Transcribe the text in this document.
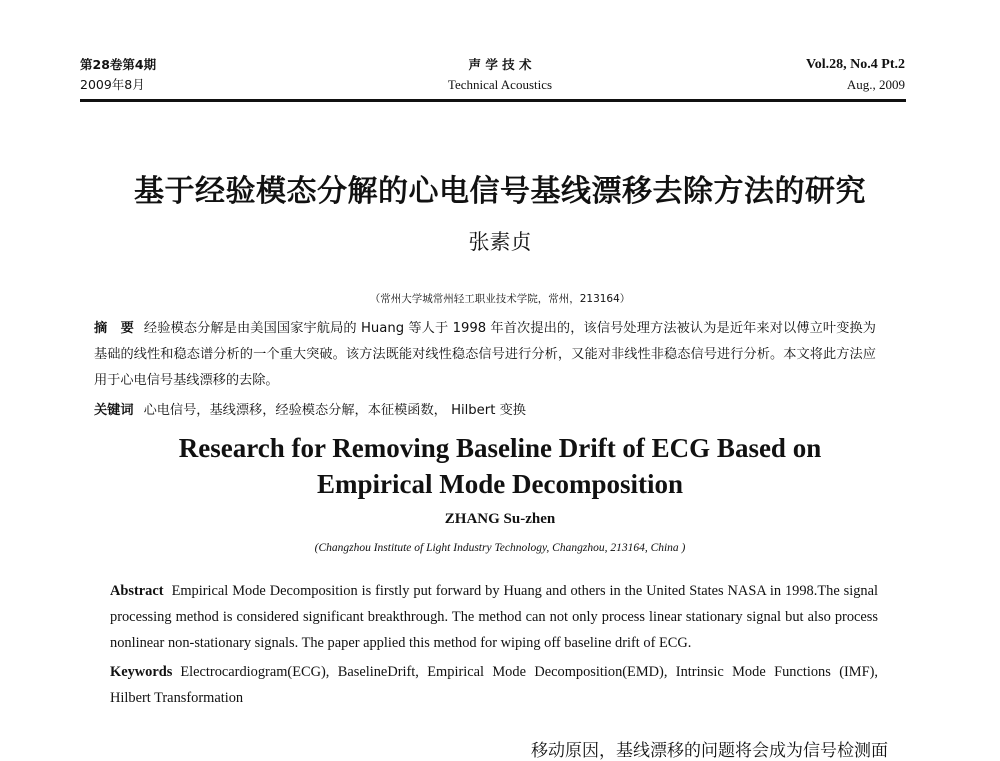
第28卷第4期
2009年8月
声 学 技 术
Technical Acoustics
Vol.28, No.4 Pt.2
Aug., 2009
基于经验模态分解的心电信号基线漂移去除方法的研究
张素贞
（常州大学城常州轻工职业技术学院，常州，213164）
摘　要 经验模态分解是由美国国家宇航局的 Huang 等人于 1998 年首次提出的，该信号处理方法被认为是近年来对以傅立叶变换为基础的线性和稳态谱分析的一个重大突破。该方法既能对线性稳态信号进行分析，又能对非线性非稳态信号进行分析。本文将此方法应用于心电信号基线漂移的去除。
关键词 心电信号，基线漂移，经验模态分解，本征模函数， Hilbert 变换
Research for Removing Baseline Drift of ECG Based on
Empirical Mode Decomposition
ZHANG Su-zhen
(Changzhou Institute of Light Industry Technology, Changzhou, 213164, China )
Abstract Empirical Mode Decomposition is firstly put forward by Huang and others in the United States NASA in 1998.The signal processing method is considered significant breakthrough. The method can not only process linear stationary signal but also process nonlinear non-stationary signals. The paper applied this method for wiping off baseline drift of ECG.
Keywords Electrocardiogram(ECG), BaselineDrift, Empirical Mode Decomposition(EMD), Intrinsic Mode Functions (IMF), Hilbert Transformation
移动原因，基线漂移的问题将会成为信号检测面
